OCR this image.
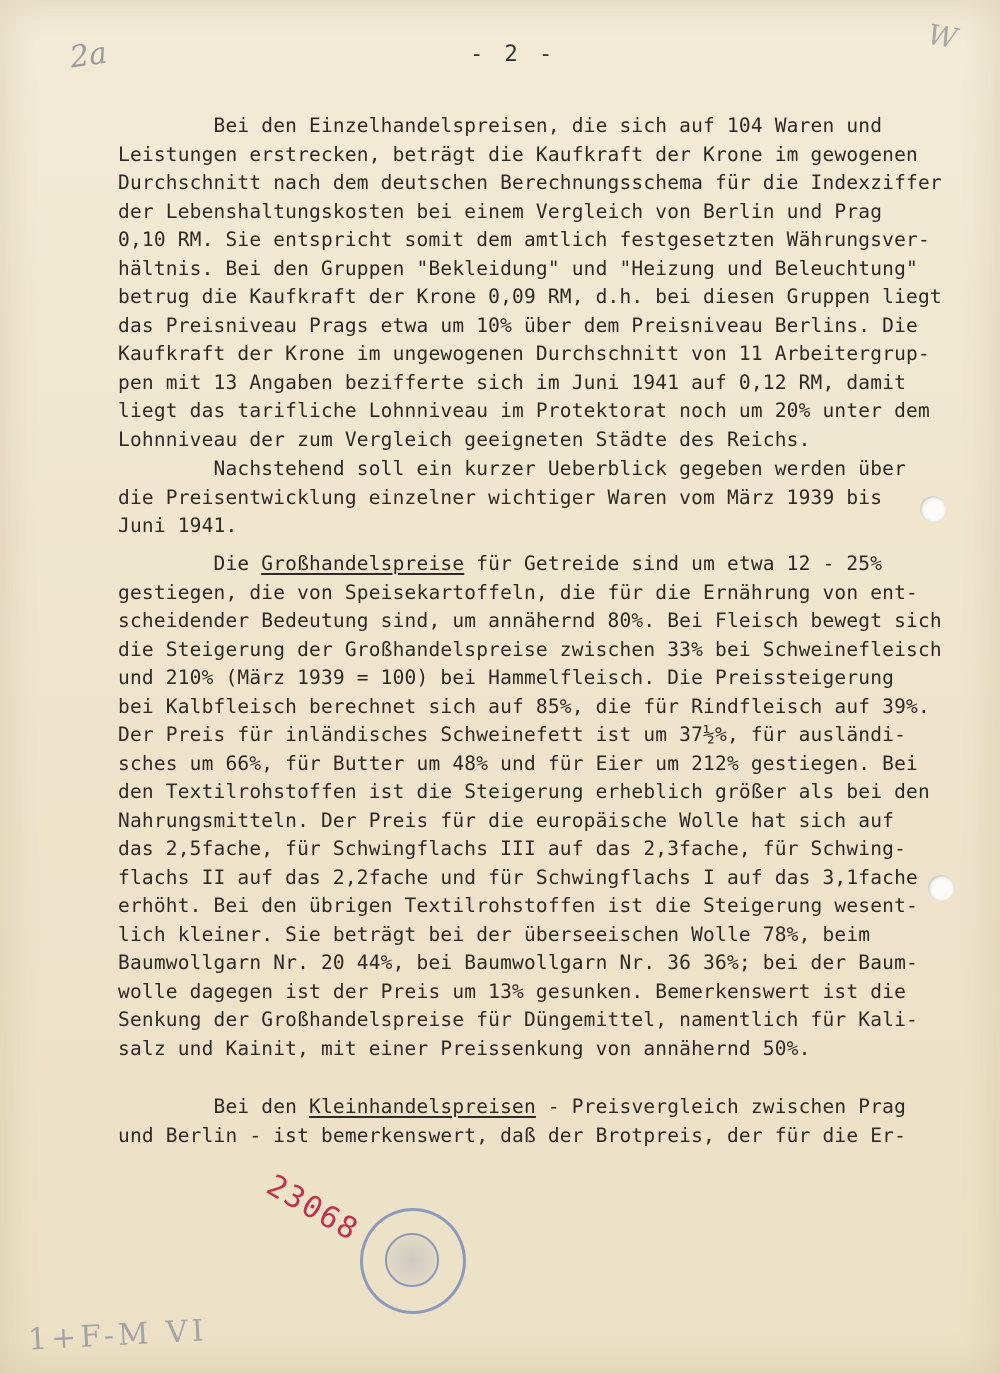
2a	- 2 -	W
Bei den Einzelhandelspreisen, die sich auf 104 Waren und
Leistungen erstrecken, beträgt die Kaufkraft der Krone im gewogenen
Durchschnitt nach dem deutschen Berechnungsschema für die Indexziffer
der Lebenshaltungskosten bei einem Vergleich von Berlin und Prag
0,10 RM. Sie entspricht somit dem amtlich festgesetzten Währungsver-
hältnis. Bei den Gruppen "Bekleidung" und "Heizung und Beleuchtung"
betrug die Kaufkraft der Krone 0,09 RM, d.h. bei diesen Gruppen liegt
das Preisniveau Prags etwa um 10% über dem Preisniveau Berlins. Die
Kaufkraft der Krone im ungewogenen Durchschnitt von 11 Arbeitergrup-
pen mit 13 Angaben bezifferte sich im Juni 1941 auf 0,12 RM, damit
liegt das tarifliche Lohnniveau im Protektorat noch um 20% unter dem
Lohnniveau der zum Vergleich geeigneten Städte des Reichs.
Nachstehend soll ein kurzer Ueberblick gegeben werden über
die Preisentwicklung einzelner wichtiger Waren vom März 1939 bis
Juni 1941.
Die Großhandelspreise für Getreide sind um etwa 12 - 25%
gestiegen, die von Speisekartoffeln, die für die Ernährung von ent-
scheidender Bedeutung sind, um annähernd 80%. Bei Fleisch bewegt sich
die Steigerung der Großhandelspreise zwischen 33% bei Schweinefleisch
und 210% (März 1939 = 100) bei Hammelfleisch. Die Preissteigerung
bei Kalbfleisch berechnet sich auf 85%, die für Rindfleisch auf 39%.
Der Preis für inländisches Schweinefett ist um 37½%, für ausländi-
sches um 66%, für Butter um 48% und für Eier um 212% gestiegen. Bei
den Textilrohstoffen ist die Steigerung erheblich größer als bei den
Nahrungsmitteln. Der Preis für die europäische Wolle hat sich auf
das 2,5fache, für Schwingflachs III auf das 2,3fache, für Schwing-
flachs II auf das 2,2fache und für Schwingflachs I auf das 3,1fache
erhöht. Bei den übrigen Textilrohstoffen ist die Steigerung wesent-
lich kleiner. Sie beträgt bei der überseeischen Wolle 78%, beim
Baumwollgarn Nr. 20 44%, bei Baumwollgarn Nr. 36 36%; bei der Baum-
wolle dagegen ist der Preis um 13% gesunken. Bemerkenswert ist die
Senkung der Großhandelspreise für Düngemittel, namentlich für Kali-
salz und Kainit, mit einer Preissenkung von annähernd 50%.
Bei den Kleinhandelspreisen - Preisvergleich zwischen Prag
und Berlin - ist bemerkenswert, daß der Brotpreis, der für die Er-
23068
1+F-M VI
